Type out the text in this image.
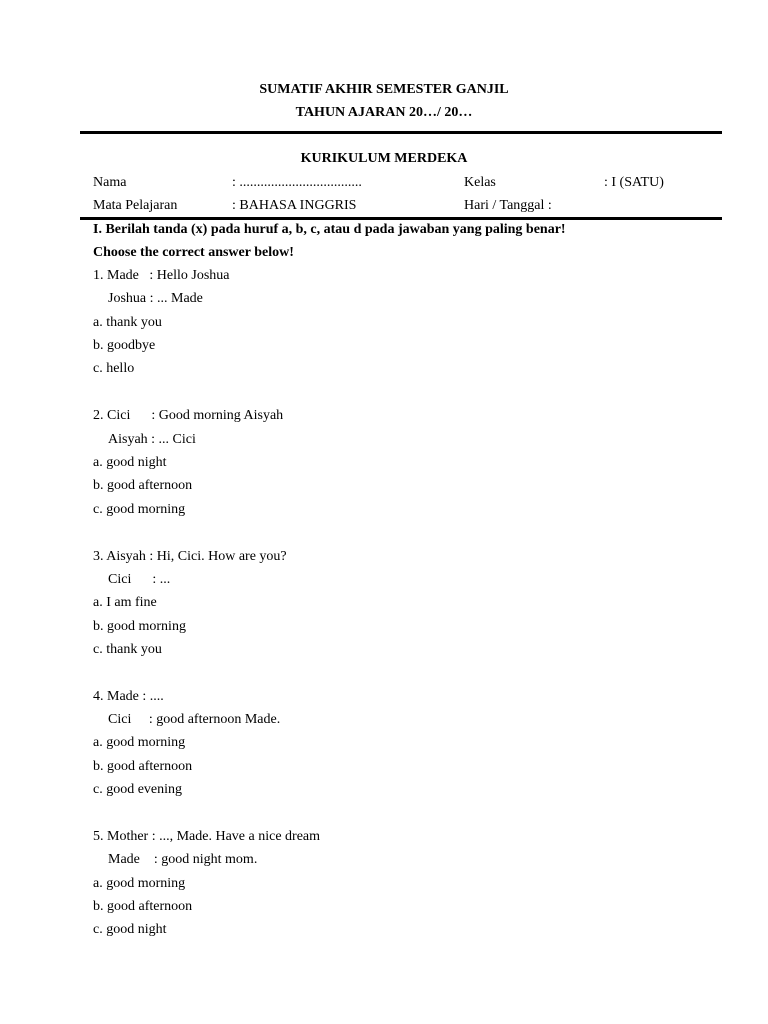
SUMATIF AKHIR SEMESTER GANJIL
TAHUN AJARAN 20…/ 20…
KURIKULUM MERDEKA
Nama	: ...................................	Kelas	: I (SATU)
Mata Pelajaran	: BAHASA INGGRIS	Hari / Tanggal :
I. Berilah tanda (x) pada huruf a, b, c, atau d pada jawaban yang paling benar!
Choose the correct answer below!
1. Made   : Hello Joshua
Joshua : ... Made
a. thank you
b. goodbye
c. hello
2. Cici      : Good morning Aisyah
Aisyah : ... Cici
a. good night
b. good afternoon
c. good morning
3. Aisyah : Hi, Cici. How are you?
Cici      : ...
a. I am fine
b. good morning
c. thank you
4. Made : ....
Cici     : good afternoon Made.
a. good morning
b. good afternoon
c. good evening
5. Mother : ..., Made. Have a nice dream
Made    : good night mom.
a. good morning
b. good afternoon
c. good night
